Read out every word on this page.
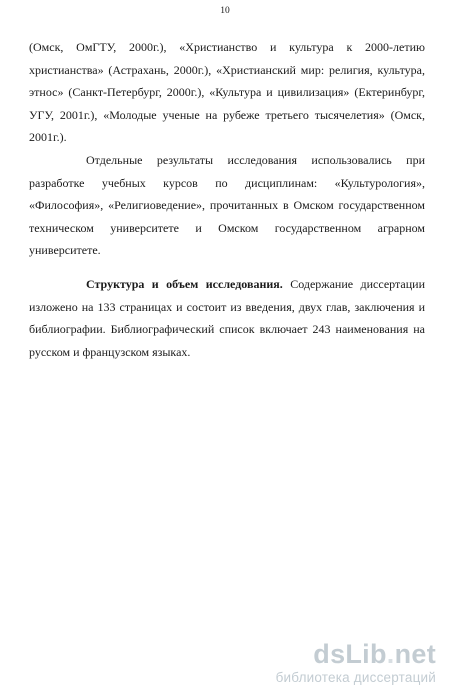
10

(Омск, ОмГТУ, 2000г.), «Христианство и культура к 2000-летию христианства» (Астрахань, 2000г.), «Христианский мир: религия, культура, этнос» (Санкт-Петербург, 2000г.), «Культура и цивилизация» (Ектеринбург, УГУ, 2001г.), «Молодые ученые на рубеже третьего тысячелетия» (Омск, 2001г.).

Отдельные результаты исследования использовались при разработке учебных курсов по дисциплинам: «Культурология», «Философия», «Религиоведение», прочитанных в Омском государственном техническом университете и Омском государственном аграрном университете.

Структура и объем исследования. Содержание диссертации изложено на 133 страницах и состоит из введения, двух глав, заключения и библиографии. Библиографический список включает 243 наименования на русском и французском языках.

dsLib.net
библиотека диссертаций
